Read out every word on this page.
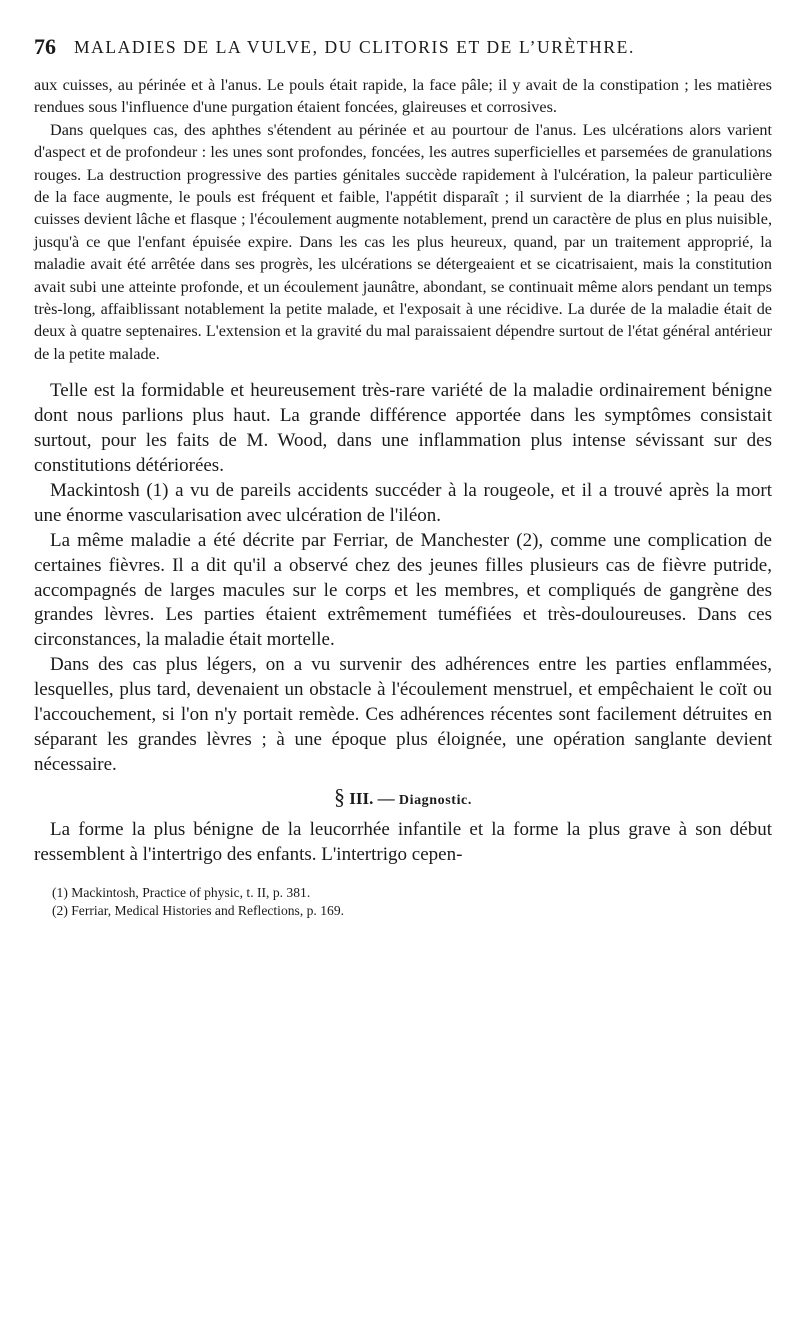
76 MALADIES DE LA VULVE, DU CLITORIS ET DE L’URÈTHRE.

aux cuisses, au périnée et à l'anus. Le pouls était rapide, la face pâle; il y avait de la constipation ; les matières rendues sous l'influence d'une purgation étaient foncées, glaireuses et corrosives.

Dans quelques cas, des aphthes s'étendent au périnée et au pourtour de l'anus. Les ulcérations alors varient d'aspect et de profondeur : les unes sont profondes, foncées, les autres superficielles et parsemées de granulations rouges. La destruction progressive des parties génitales succède rapidement à l'ulcération, la paleur particulière de la face augmente, le pouls est fréquent et faible, l'appétit disparaît ; il survient de la diarrhée ; la peau des cuisses devient lâche et flasque ; l'écoulement augmente notablement, prend un caractère de plus en plus nuisible, jusqu'à ce que l'enfant épuisée expire. Dans les cas les plus heureux, quand, par un traitement approprié, la maladie avait été arrêtée dans ses progrès, les ulcérations se détergeaient et se cicatrisaient, mais la constitution avait subi une atteinte profonde, et un écoulement jaunâtre, abondant, se continuait même alors pendant un temps très-long, affaiblissant notablement la petite malade, et l'exposait à une récidive. La durée de la maladie était de deux à quatre septenaires. L'extension et la gravité du mal paraissaient dépendre surtout de l'état général antérieur de la petite malade.

Telle est la formidable et heureusement très-rare variété de la maladie ordinairement bénigne dont nous parlions plus haut. La grande différence apportée dans les symptômes consistait surtout, pour les faits de M. Wood, dans une inflammation plus intense sévissant sur des constitutions détériorées.

Mackintosh (1) a vu de pareils accidents succéder à la rougeole, et il a trouvé après la mort une énorme vascularisation avec ulcération de l'iléon.

La même maladie a été décrite par Ferriar, de Manchester (2), comme une complication de certaines fièvres. Il a dit qu'il a observé chez des jeunes filles plusieurs cas de fièvre putride, accompagnés de larges macules sur le corps et les membres, et compliqués de gangrène des grandes lèvres. Les parties étaient extrêmement tuméfiées et très-douloureuses. Dans ces circonstances, la maladie était mortelle.

Dans des cas plus légers, on a vu survenir des adhérences entre les parties enflammées, lesquelles, plus tard, devenaient un obstacle à l'écoulement menstruel, et empêchaient le coït ou l'accouchement, si l'on n'y portait remède. Ces adhérences récentes sont facilement détruites en séparant les grandes lèvres ; à une époque plus éloignée, une opération sanglante devient nécessaire.

§ III. — Diagnostic.

La forme la plus bénigne de la leucorrhée infantile et la forme la plus grave à son début ressemblent à l'intertrigo des enfants. L'intertrigo cepen-

(1) Mackintosh, Practice of physic, t. II, p. 381.

(2) Ferriar, Medical Histories and Reflections, p. 169.
